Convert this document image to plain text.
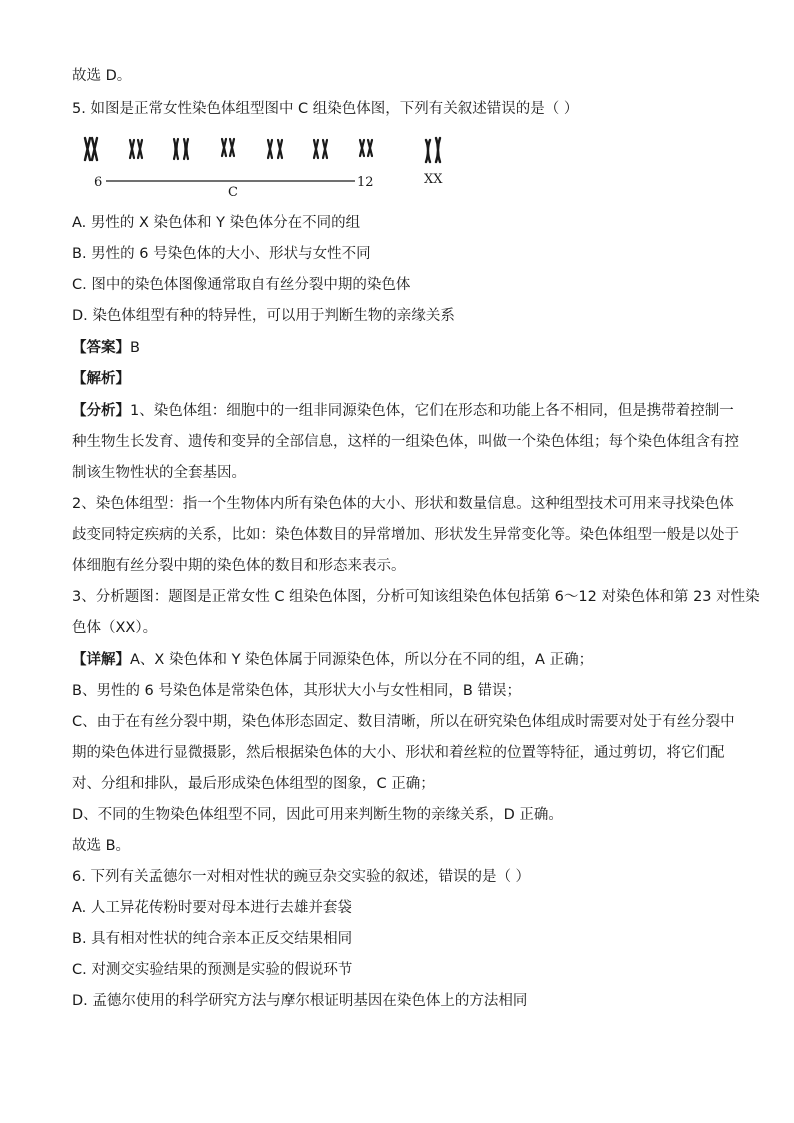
故选 D。
5. 如图是正常女性染色体组型图中 C 组染色体图，下列有关叙述错误的是（ ）
6	12
C
XX
A. 男性的 X 染色体和 Y 染色体分在不同的组
B. 男性的 6 号染色体的大小、形状与女性不同
C. 图中的染色体图像通常取自有丝分裂中期的染色体
D. 染色体组型有种的特异性，可以用于判断生物的亲缘关系
【答案】B
【解析】
【分析】1、染色体组：细胞中的一组非同源染色体，它们在形态和功能上各不相同，但是携带着控制一
种生物生长发育、遗传和变异的全部信息，这样的一组染色体，叫做一个染色体组；每个染色体组含有控
制该生物性状的全套基因。
2、染色体组型：指一个生物体内所有染色体的大小、形状和数量信息。这种组型技术可用来寻找染色体
歧变同特定疾病的关系，比如：染色体数目的异常增加、形状发生异常变化等。染色体组型一般是以处于
体细胞有丝分裂中期的染色体的数目和形态来表示。
3、分析题图：题图是正常女性 C 组染色体图，分析可知该组染色体包括第 6～12 对染色体和第 23 对性染
色体（XX）。
【详解】A、X 染色体和 Y 染色体属于同源染色体，所以分在不同的组，A 正确；
B、男性的 6 号染色体是常染色体，其形状大小与女性相同，B 错误；
C、由于在有丝分裂中期，染色体形态固定、数目清晰，所以在研究染色体组成时需要对处于有丝分裂中
期的染色体进行显微摄影，然后根据染色体的大小、形状和着丝粒的位置等特征，通过剪切，将它们配
对、分组和排队，最后形成染色体组型的图象，C 正确；
D、不同的生物染色体组型不同，因此可用来判断生物的亲缘关系，D 正确。
故选 B。
6. 下列有关孟德尔一对相对性状的豌豆杂交实验的叙述，错误的是（ ）
A. 人工异花传粉时要对母本进行去雄并套袋
B. 具有相对性状的纯合亲本正反交结果相同
C. 对测交实验结果的预测是实验的假说环节
D. 孟德尔使用的科学研究方法与摩尔根证明基因在染色体上的方法相同
